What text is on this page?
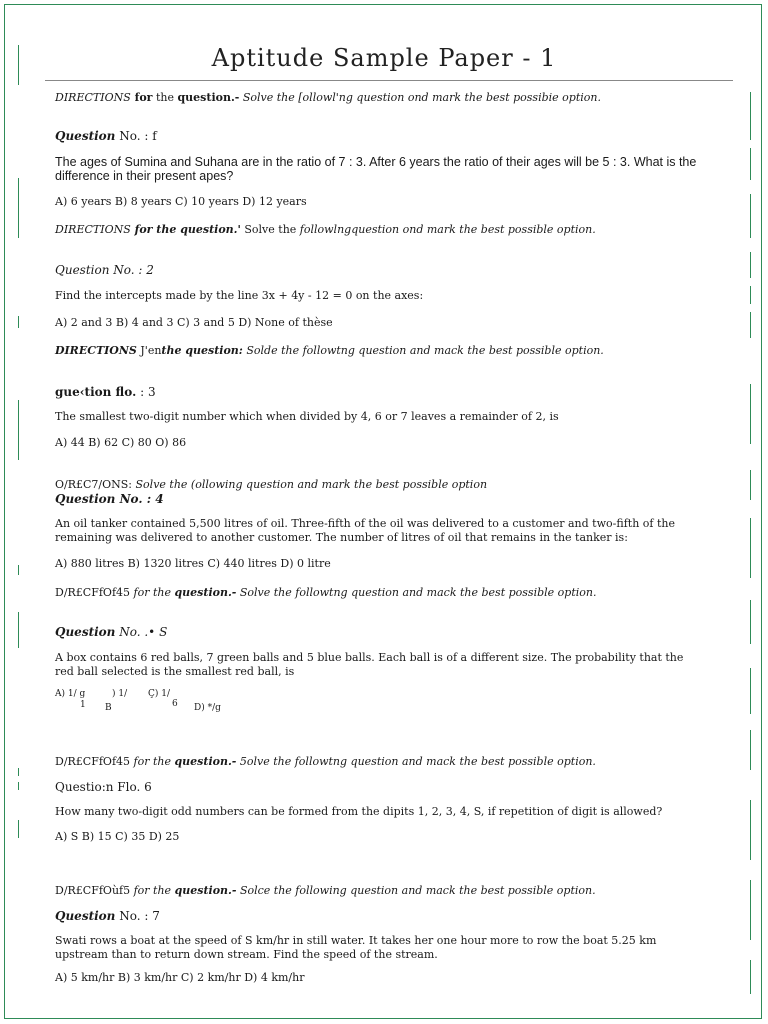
Aptitude Sample Paper - 1
DIRECTIONS for the question.- Solve the [ollowl'ng question ond mark the best possibie option.
Question No. : f
The ages of Sumina and Suhana are in the ratio of 7 : 3. After 6 years the ratio of their ages will be 5 : 3. What is the difference in their present apes?
A) 6 years B) 8 years C) 10 years D) 12 years
DIRECTIONS for the question.' Solve the followlngquestion ond mark the best possible option.
Question No. : 2
Find the intercepts made by the line 3x + 4y - 12 = 0 on the axes:
A) 2 and 3 B) 4 and 3 C) 3 and 5 D) None of thèse
DIRECTIONS J'enthe question: Solde the followtng question and mack the best possible option.
gue‹tion flo. : 3
The smallest two-digit number which when divided by 4, 6 or 7 leaves a remainder of 2, is
A) 44 B) 62 C) 80 O) 86
O/R£C7/ONS: Solve the (ollowing question and mark the best possible option
Question No. : 4
An oil tanker contained 5,500 litres of oil. Three-fifth of the oil was delivered to a customer and two-fifth of the remaining was delivered to another customer. The number of litres of oil that remains in the tanker is:
A) 880 litres B) 1320 litres C) 440 litres D) 0 litre
D/R£CFfOf45 for the question.- Solve the followtng question and mack the best possible option.
Question No. .• S
A box contains 6 red balls, 7 green balls and 5 blue balls. Each ball is of a different size. The probability that the red ball selected is the smallest red ball, is
A) 1/ g
1
) 1/
B
Ç) 1/
6 D) */g
D/R£CFfOf45 for the question.- 5olve the followtng question and mack the best possible option.
Questio:n Flo. 6
How many two-digit odd numbers can be formed from the dipits 1, 2, 3, 4, S, if repetition of digit is allowed?
A) S B) 15 C) 35 D) 25
D/R£CFfOùf5 for the question.- Solce the following question and mack the best possible option.
Question No. : 7
Swati rows a boat at the speed of S km/hr in still water. It takes her one hour more to row the boat 5.25 km upstream than to return down stream. Find the speed of the stream.
A) 5 km/hr B) 3 km/hr C) 2 km/hr D) 4 km/hr
